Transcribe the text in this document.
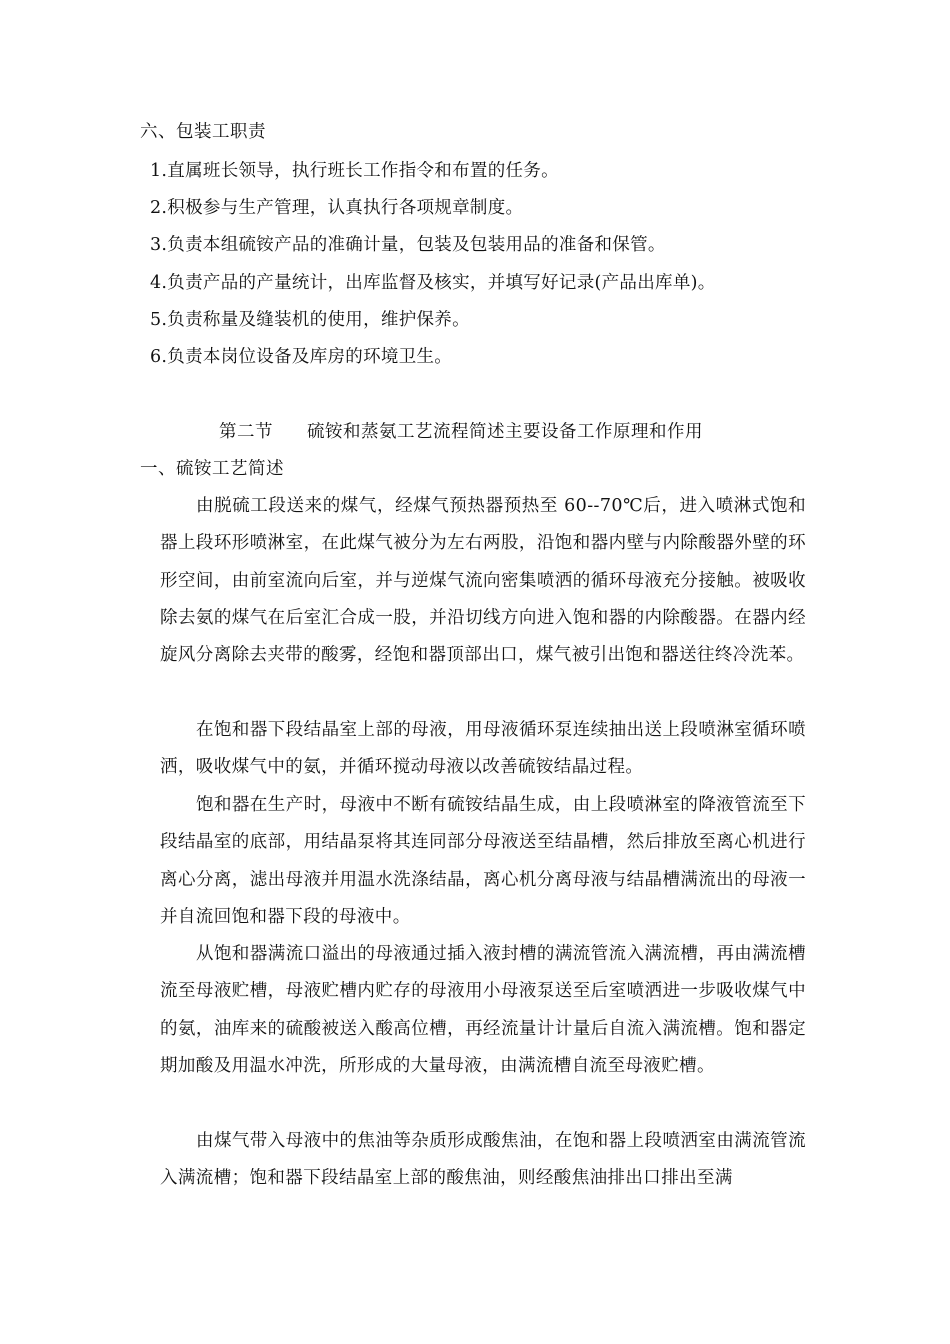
六、包装工职责

1.直属班长领导，执行班长工作指令和布置的任务。

2.积极参与生产管理，认真执行各项规章制度。

3.负责本组硫铵产品的准确计量，包装及包装用品的准备和保管。

4.负责产品的产量统计，出库监督及核实，并填写好记录(产品出库单)。

5.负责称量及缝装机的使用，维护保养。

6.负责本岗位设备及库房的环境卫生。

第二节 硫铵和蒸氨工艺流程简述主要设备工作原理和作用

一、硫铵工艺简述

由脱硫工段送来的煤气，经煤气预热器预热至 60--70℃后，进入喷淋式饱和器上段环形喷淋室，在此煤气被分为左右两股，沿饱和器内壁与内除酸器外壁的环形空间，由前室流向后室，并与逆煤气流向密集喷洒的循环母液充分接触。被吸收除去氨的煤气在后室汇合成一股，并沿切线方向进入饱和器的内除酸器。在器内经旋风分离除去夹带的酸雾，经饱和器顶部出口，煤气被引出饱和器送往终冷洗苯。

在饱和器下段结晶室上部的母液，用母液循环泵连续抽出送上段喷淋室循环喷洒，吸收煤气中的氨，并循环搅动母液以改善硫铵结晶过程。

饱和器在生产时，母液中不断有硫铵结晶生成，由上段喷淋室的降液管流至下段结晶室的底部，用结晶泵将其连同部分母液送至结晶槽，然后排放至离心机进行离心分离，滤出母液并用温水洗涤结晶，离心机分离母液与结晶槽满流出的母液一并自流回饱和器下段的母液中。

从饱和器满流口溢出的母液通过插入液封槽的满流管流入满流槽，再由满流槽流至母液贮槽，母液贮槽内贮存的母液用小母液泵送至后室喷洒进一步吸收煤气中的氨，油库来的硫酸被送入酸高位槽，再经流量计计量后自流入满流槽。饱和器定期加酸及用温水冲洗，所形成的大量母液，由满流槽自流至母液贮槽。

由煤气带入母液中的焦油等杂质形成酸焦油，在饱和器上段喷洒室由满流管流入满流槽；饱和器下段结晶室上部的酸焦油，则经酸焦油排出口排出至满
